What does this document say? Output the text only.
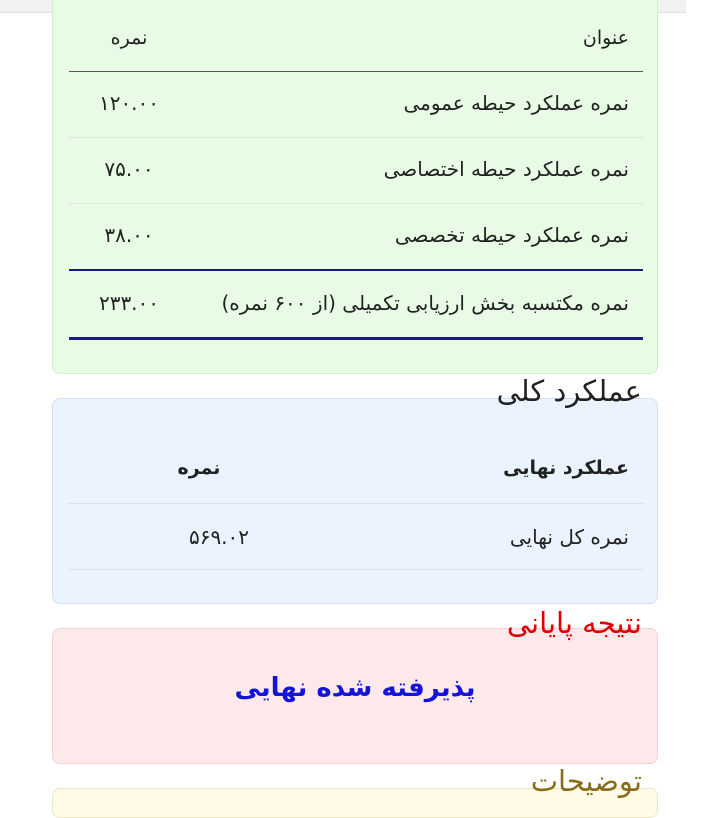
عنوان
نمره
نمره عملکرد حیطه عمومی
۱۲۰.۰۰
نمره عملکرد حیطه اختصاصی
۷۵.۰۰
نمره عملکرد حیطه تخصصی
۳۸.۰۰
نمره مکتسبه بخش ارزیابی تکمیلی (از ۶۰۰ نمره)
۲۳۳.۰۰
عملکرد نهایی
نمره
نمره کل نهایی
۵۶۹.۰۲
عملکرد کلی
پذیرفته شده نهایی
نتیجه پایانی
توضیحات
